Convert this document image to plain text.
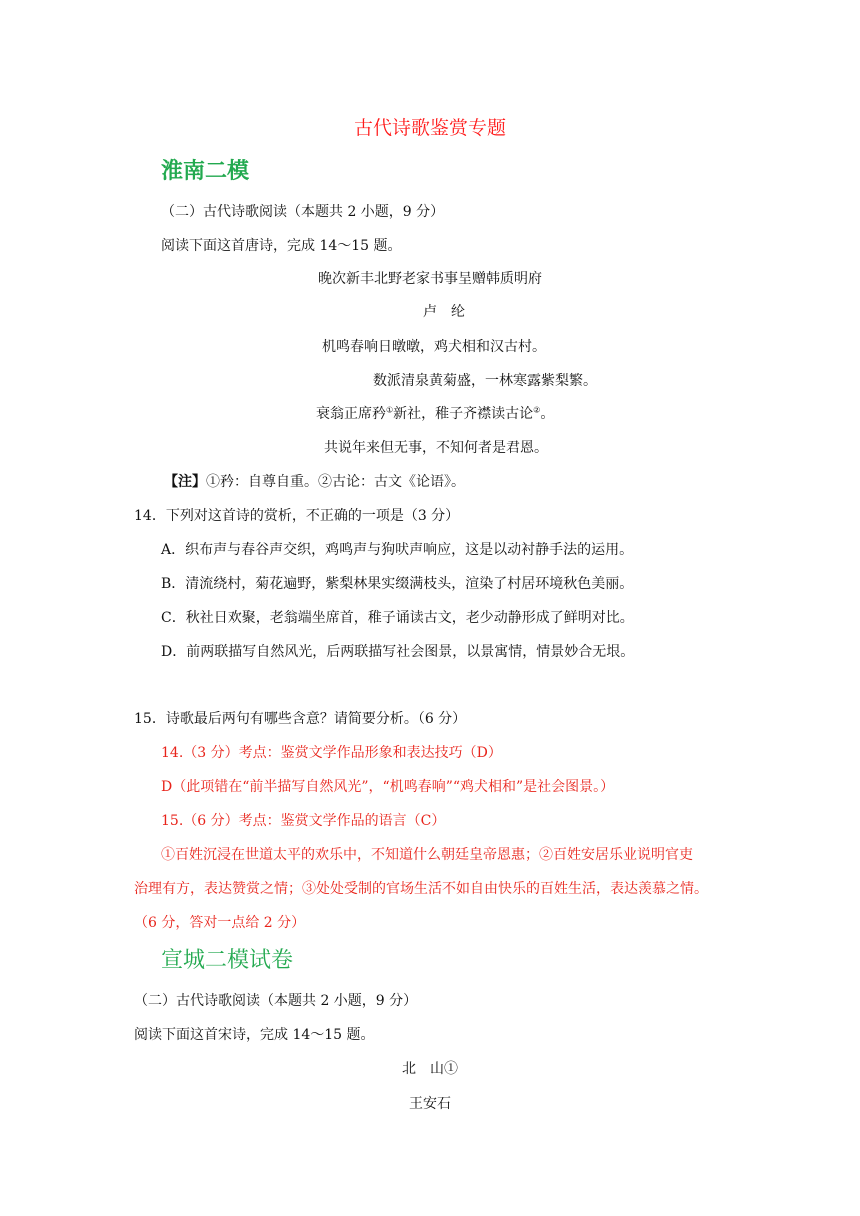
古代诗歌鉴赏专题
淮南二模
（二）古代诗歌阅读（本题共 2 小题，9 分）
阅读下面这首唐诗，完成 14～15 题。
晚次新丰北野老家书事呈赠韩质明府
卢　纶
机鸣春响日暾暾，鸡犬相和汉古村。
数派清泉黄菊盛，一林寒露紫梨繁。
衰翁正席矜①新社，稚子齐襟读古论②。
共说年来但无事，不知何者是君恩。
【注】①矜：自尊自重。②古论：古文《论语》。
14．下列对这首诗的赏析，不正确的一项是（3 分）
A．织布声与春谷声交织，鸡鸣声与狗吠声响应，这是以动衬静手法的运用。
B．清流绕村，菊花遍野，紫梨林果实缀满枝头，渲染了村居环境秋色美丽。
C．秋社日欢聚，老翁端坐席首，稚子诵读古文，老少动静形成了鲜明对比。
D．前两联描写自然风光，后两联描写社会图景，以景寓情，情景妙合无垠。
15．诗歌最后两句有哪些含意？请简要分析。（6 分）
14.（3 分）考点：鉴赏文学作品形象和表达技巧（D）
D（此项错在“前半描写自然风光”，“机鸣春响”“鸡犬相和”是社会图景。）
15.（6 分）考点：鉴赏文学作品的语言（C）
①百姓沉浸在世道太平的欢乐中，不知道什么朝廷皇帝恩惠；②百姓安居乐业说明官吏
治理有方，表达赞赏之情；③处处受制的官场生活不如自由快乐的百姓生活，表达羡慕之情。
（6 分，答对一点给 2 分）
宣城二模试卷
（二）古代诗歌阅读（本题共 2 小题，9 分）
阅读下面这首宋诗，完成 14～15 题。
北　山①
王安石
